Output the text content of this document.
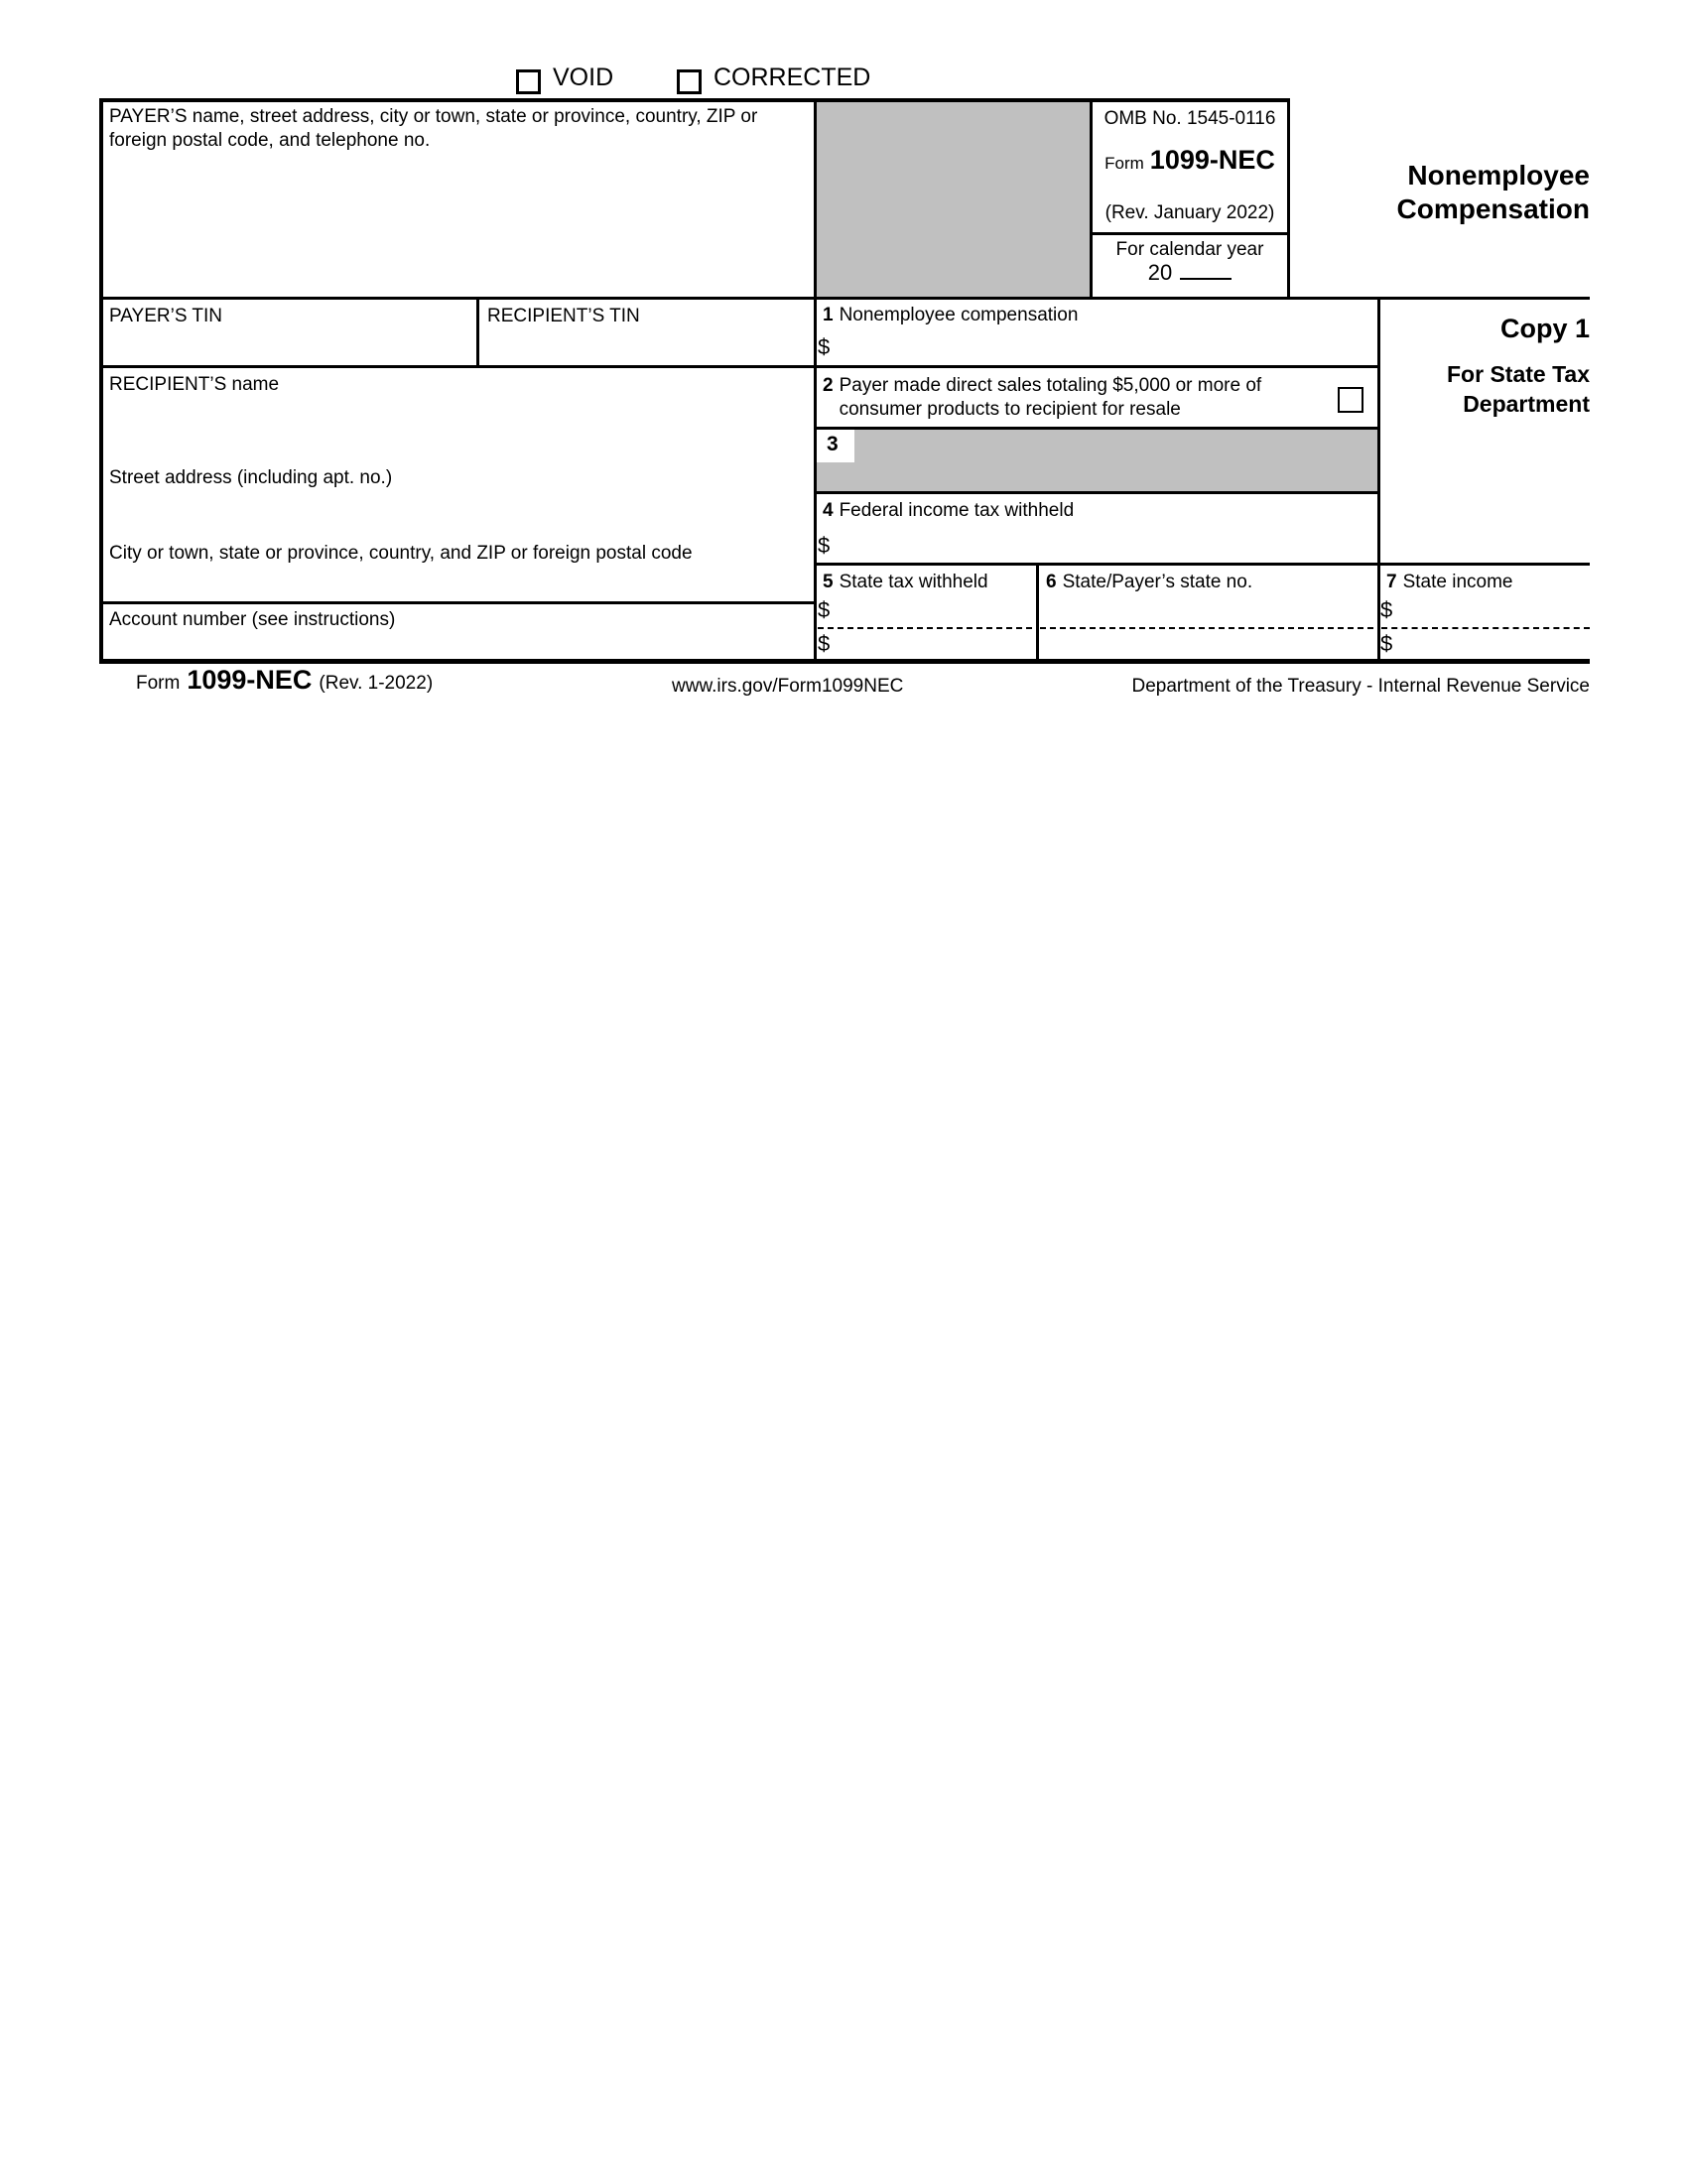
VOID	CORRECTED
PAYER’S name, street address, city or town, state or province, country, ZIP or foreign postal code, and telephone no.
OMB No. 1545-0116
Form 1099-NEC
(Rev. January 2022)
For calendar year
20
Nonemployee
Compensation
Copy 1
For State Tax
Department
PAYER’S TIN	RECIPIENT’S TIN
RECIPIENT’S name
Street address (including apt. no.)
City or town, state or province, country, and ZIP or foreign postal code
Account number (see instructions)
1 Nonemployee compensation
$
2 Payer made direct sales totaling $5,000 or more of consumer products to recipient for resale
3
4 Federal income tax withheld
$
5 State tax withheld
$
$
6 State/Payer’s state no.	7 State income
$
$
Form 1099-NEC (Rev. 1-2022)	www.irs.gov/Form1099NEC	Department of the Treasury - Internal Revenue Service
